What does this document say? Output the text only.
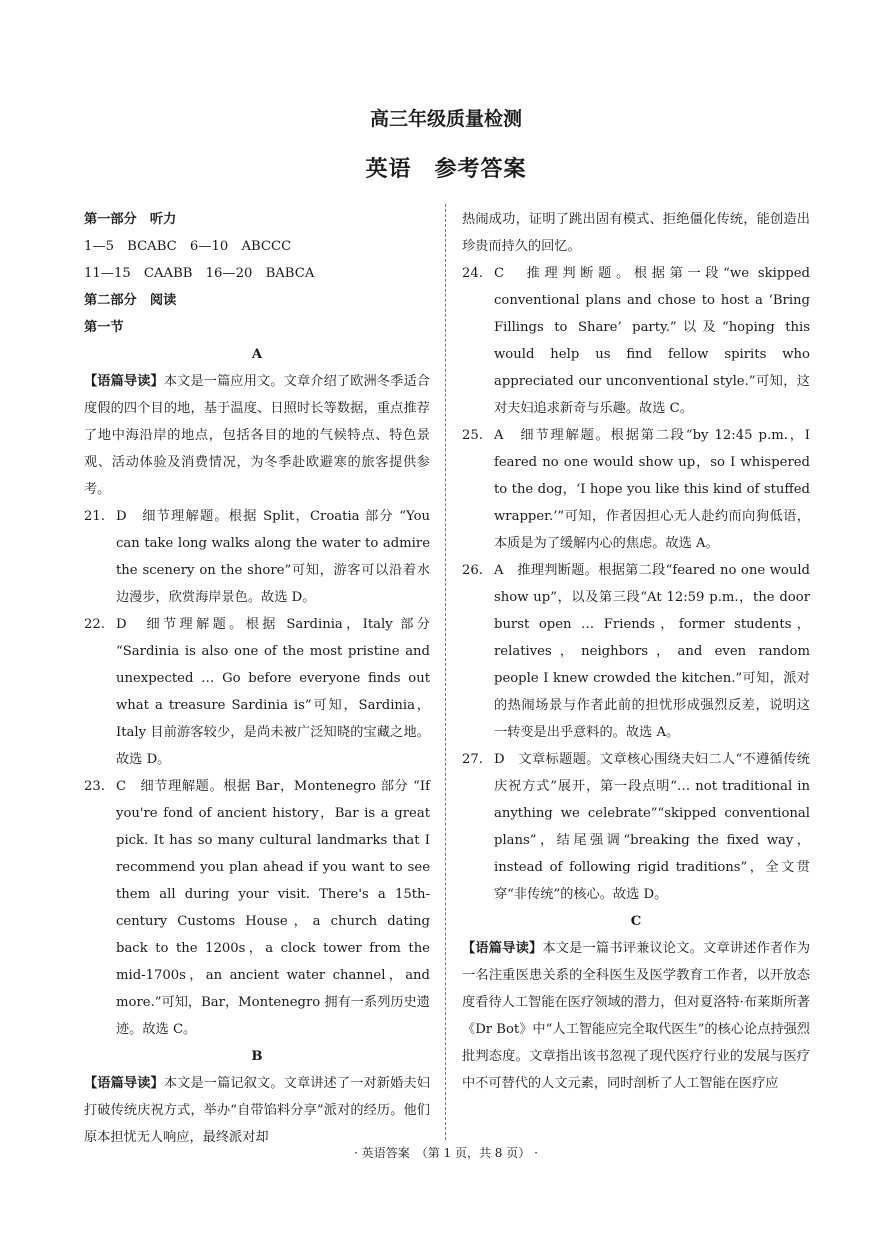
高三年级质量检测
英语　参考答案
第一部分　听力
1—5　BCABC　6—10　ABCCC
11—15　CAABB　16—20　BABCA
第二部分　阅读
第一节
A
【语篇导读】本文是一篇应用文。文章介绍了欧洲冬季适合度假的四个目的地，基于温度、日照时长等数据，重点推荐了地中海沿岸的地点，包括各目的地的气候特点、特色景观、活动体验及消费情况，为冬季赴欧避寒的旅客提供参考。
21. D　细节理解题。根据 Split，Croatia 部分 “You can take long walks along the water to admire the scenery on the shore”可知，游客可以沿着水边漫步，欣赏海岸景色。故选 D。
22. D　细节理解题。根据 Sardinia，Italy 部分 “Sardinia is also one of the most pristine and unexpected … Go before everyone finds out what a treasure Sardinia is”可知，Sardinia，Italy 目前游客较少，是尚未被广泛知晓的宝藏之地。故选 D。
23. C　细节理解题。根据 Bar，Montenegro 部分 “If you're fond of ancient history，Bar is a great pick. It has so many cultural landmarks that I recommend you plan ahead if you want to see them all during your visit. There's a 15th-century Customs House，a church dating back to the 1200s，a clock tower from the mid-1700s，an ancient water channel，and more.”可知，Bar，Montenegro 拥有一系列历史遗迹。故选 C。
B
【语篇导读】本文是一篇记叙文。文章讲述了一对新婚夫妇打破传统庆祝方式，举办“自带馅料分享”派对的经历。他们原本担忧无人响应，最终派对却
热闹成功，证明了跳出固有模式、拒绝僵化传统，能创造出珍贵而持久的回忆。
24. C　推理判断题。根据第一段“we skipped conventional plans and chose to host a ‘Bring Fillings to Share’ party.”以及“hoping this would help us find fellow spirits who appreciated our unconventional style.”可知，这对夫妇追求新奇与乐趣。故选 C。
25. A　细节理解题。根据第二段“by 12:45 p.m.，I feared no one would show up，so I whispered to the dog，‘I hope you like this kind of stuffed wrapper.’”可知，作者因担心无人赴约而向狗低语，本质是为了缓解内心的焦虑。故选 A。
26. A　推理判断题。根据第二段“feared no one would show up”，以及第三段“At 12:59 p.m.，the door burst open … Friends，former students，relatives，neighbors，and even random people I knew crowded the kitchen.”可知，派对的热闹场景与作者此前的担忧形成强烈反差，说明这一转变是出乎意料的。故选 A。
27. D　文章标题题。文章核心围绕夫妇二人“不遵循传统庆祝方式”展开，第一段点明“… not traditional in anything we celebrate”“skipped conventional plans”，结尾强调“breaking the fixed way，instead of following rigid traditions”，全文贯穿“非传统”的核心。故选 D。
C
【语篇导读】本文是一篇书评兼议论文。文章讲述作者作为一名注重医患关系的全科医生及医学教育工作者，以开放态度看待人工智能在医疗领域的潜力，但对夏洛特·布莱斯所著《Dr Bot》中“人工智能应完全取代医生”的核心论点持强烈批判态度。文章指出该书忽视了现代医疗行业的发展与医疗中不可替代的人文元素，同时剖析了人工智能在医疗应
· 英语答案　（第 1 页，共 8 页） ·
